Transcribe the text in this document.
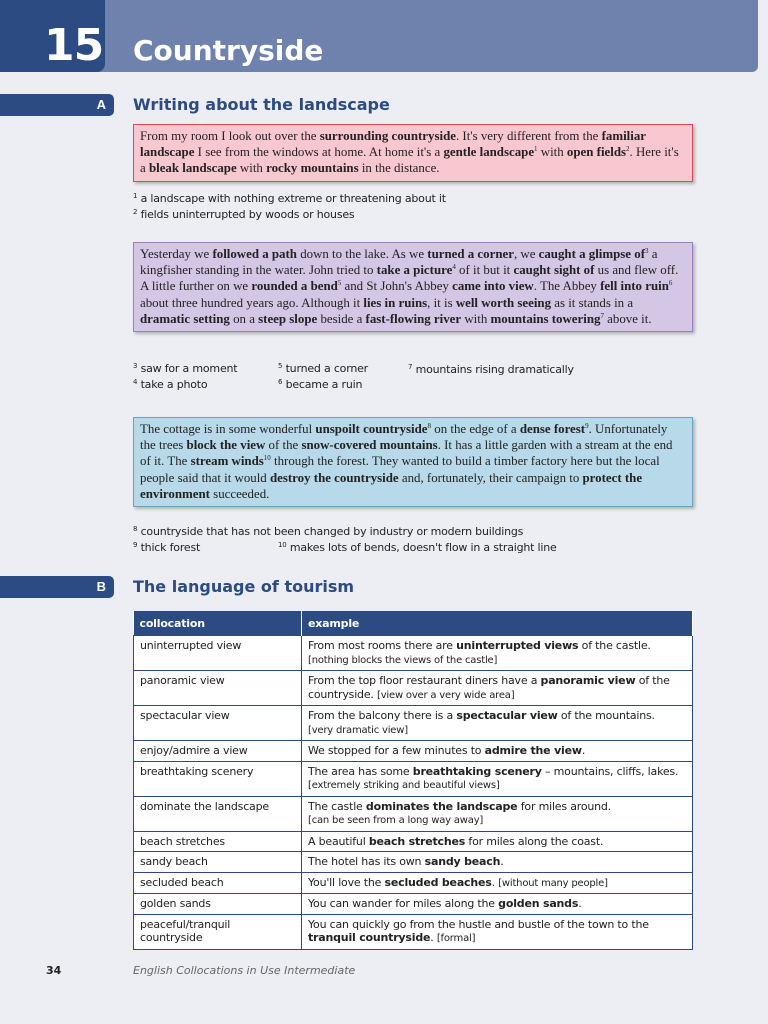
15 Countryside
A	Writing about the landscape
From my room I look out over the surrounding countryside. It's very different from the familiar landscape I see from the windows at home. At home it's a gentle landscape$^1$ with open fields$^2$. Here it's a bleak landscape with rocky mountains in the distance.
$^1$ a landscape with nothing extreme or threatening about it
$^2$ fields uninterrupted by woods or houses
Yesterday we followed a path down to the lake. As we turned a corner, we caught a glimpse $of^3$ a kingfisher standing in the water. John tried to take a picture$^4$ of it but it caught sight of us and flew off. A little further on we rounded a bend$^5$ and St John's Abbey came into view. The Abbey fell into ruin$^6$ about three hundred years ago. Although it lies in ruins, it is well worth seeing as it stands in a dramatic setting on a steep slope beside a fast-flowing river with mountains towering$^7$ above it.
$^3$ saw for a moment
$^4$ take a photo
$^5$ turned a corner
$^6$ became a ruin
$^7$ mountains rising dramatically
The cottage is in some wonderful unspoilt countryside$^8$ on the edge of a dense forest$^9$. Unfortunately the trees block the view of the snow-covered mountains. It has a little garden with a stream at the end of it. The stream winds$^{10}$ through the forest. They wanted to build a timber factory here but the local people said that it would destroy the countryside and, fortunately, their campaign to protect the environment succeeded.
$^8$ countryside that has not been changed by industry or modern buildings
$^9$ thick forest	$^{10}$ makes lots of bends, doesn't flow in a straight line
B	The language of tourism
collocation	example
uninterrupted view	From most rooms there are uninterrupted views of the castle.
[nothing blocks the views of the castle]
panoramic view	From the top floor restaurant diners have a panoramic view of the countryside. [view over a very wide area]
spectacular view	From the balcony there is a spectacular view of the mountains.
[very dramatic view]
enjoy/admire a view	We stopped for a few minutes to admire the view.
breathtaking scenery	The area has some breathtaking scenery – mountains, cliffs, lakes.
[extremely striking and beautiful views]
dominate the landscape	The castle dominates the landscape for miles around.
[can be seen from a long way away]
beach stretches	A beautiful beach stretches for miles along the coast.
sandy beach	The hotel has its own sandy beach.
secluded beach	You'll love the secluded beaches. [without many people]
golden sands	You can wander for miles along the golden sands.
peaceful/tranquil countryside	You can quickly go from the hustle and bustle of the town to the tranquil countryside. [formal]
34	English Collocations in Use Intermediate
